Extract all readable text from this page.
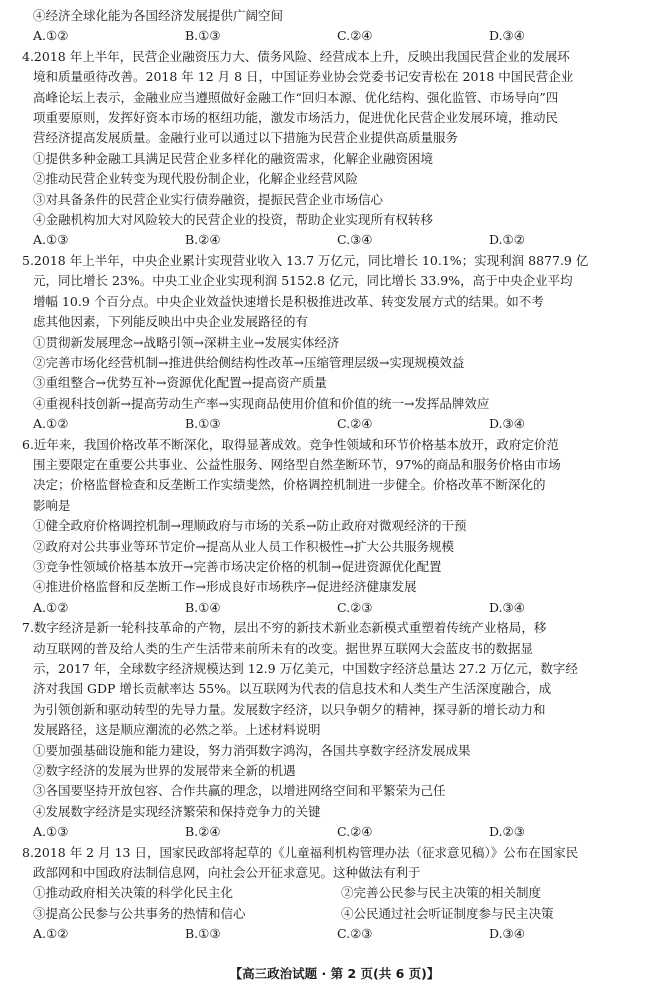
④经济全球化能为各国经济发展提供广阔空间
A.①②	B.①③	C.②④	D.③④
4.2018 年上半年，民营企业融资压力大、债务风险、经营成本上升，反映出我国民营企业的发展环
境和质量亟待改善。2018 年 12 月 8 日，中国证券业协会党委书记安青松在 2018 中国民营企业
高峰论坛上表示，金融业应当遵照做好金融工作“回归本源、优化结构、强化监管、市场导向”四
项重要原则，发挥好资本市场的枢纽功能，激发市场活力，促进优化民营企业发展环境，推动民
营经济提高发展质量。金融行业可以通过以下措施为民营企业提供高质量服务
①提供多种金融工具满足民营企业多样化的融资需求，化解企业融资困境
②推动民营企业转变为现代股份制企业，化解企业经营风险
③对具备条件的民营企业实行债券融资，提振民营企业市场信心
④金融机构加大对风险较大的民营企业的投资，帮助企业实现所有权转移
A.①③	B.②④	C.③④	D.①②
5.2018 年上半年，中央企业累计实现营业收入 13.7 万亿元，同比增长 10.1%；实现利润 8877.9 亿
元，同比增长 23%。中央工业企业实现利润 5152.8 亿元，同比增长 33.9%，高于中央企业平均
增幅 10.9 个百分点。中央企业效益快速增长是积极推进改革、转变发展方式的结果。如不考
虑其他因素，下列能反映出中央企业发展路径的有
①贯彻新发展理念→战略引领→深耕主业→发展实体经济
②完善市场化经营机制→推进供给侧结构性改革→压缩管理层级→实现规模效益
③重组整合→优势互补→资源优化配置→提高资产质量
④重视科技创新→提高劳动生产率→实现商品使用价值和价值的统一→发挥品牌效应
A.①②	B.①③	C.②④	D.③④
6.近年来，我国价格改革不断深化，取得显著成效。竞争性领域和环节价格基本放开，政府定价范
围主要限定在重要公共事业、公益性服务、网络型自然垄断环节，97%的商品和服务价格由市场
决定；价格监督检查和反垄断工作实绩斐然，价格调控机制进一步健全。价格改革不断深化的
影响是
①健全政府价格调控机制→理顺政府与市场的关系→防止政府对微观经济的干预
②政府对公共事业等环节定价→提高从业人员工作积极性→扩大公共服务规模
③竞争性领域价格基本放开→完善市场决定价格的机制→促进资源优化配置
④推进价格监督和反垄断工作→形成良好市场秩序→促进经济健康发展
A.①②	B.①④	C.②③	D.③④
7.数字经济是新一轮科技革命的产物，层出不穷的新技术新业态新模式重塑着传统产业格局，移
动互联网的普及给人类的生产生活带来前所未有的改变。据世界互联网大会蓝皮书的数据显
示，2017 年，全球数字经济规模达到 12.9 万亿美元，中国数字经济总量达 27.2 万亿元，数字经
济对我国 GDP 增长贡献率达 55%。以互联网为代表的信息技术和人类生产生活深度融合，成
为引领创新和驱动转型的先导力量。发展数字经济，以只争朝夕的精神，探寻新的增长动力和
发展路径，这是顺应潮流的必然之举。上述材料说明
①要加强基础设施和能力建设，努力消弭数字鸿沟，各国共享数字经济发展成果
②数字经济的发展为世界的发展带来全新的机遇
③各国要坚持开放包容、合作共赢的理念，以增进网络空间和平繁荣为己任
④发展数字经济是实现经济繁荣和保持竞争力的关键
A.①③	B.②④	C.②④	D.②③
8.2018 年 2 月 13 日，国家民政部将起草的《儿童福利机构管理办法（征求意见稿）》公布在国家民
政部网和中国政府法制信息网，向社会公开征求意见。这种做法有利于
①推动政府相关决策的科学化民主化	②完善公民参与民主决策的相关制度
③提高公民参与公共事务的热情和信心	④公民通过社会听证制度参与民主决策
A.①②	B.①③	C.②③	D.③④
【高三政治试题 · 第 2 页(共 6 页)】
